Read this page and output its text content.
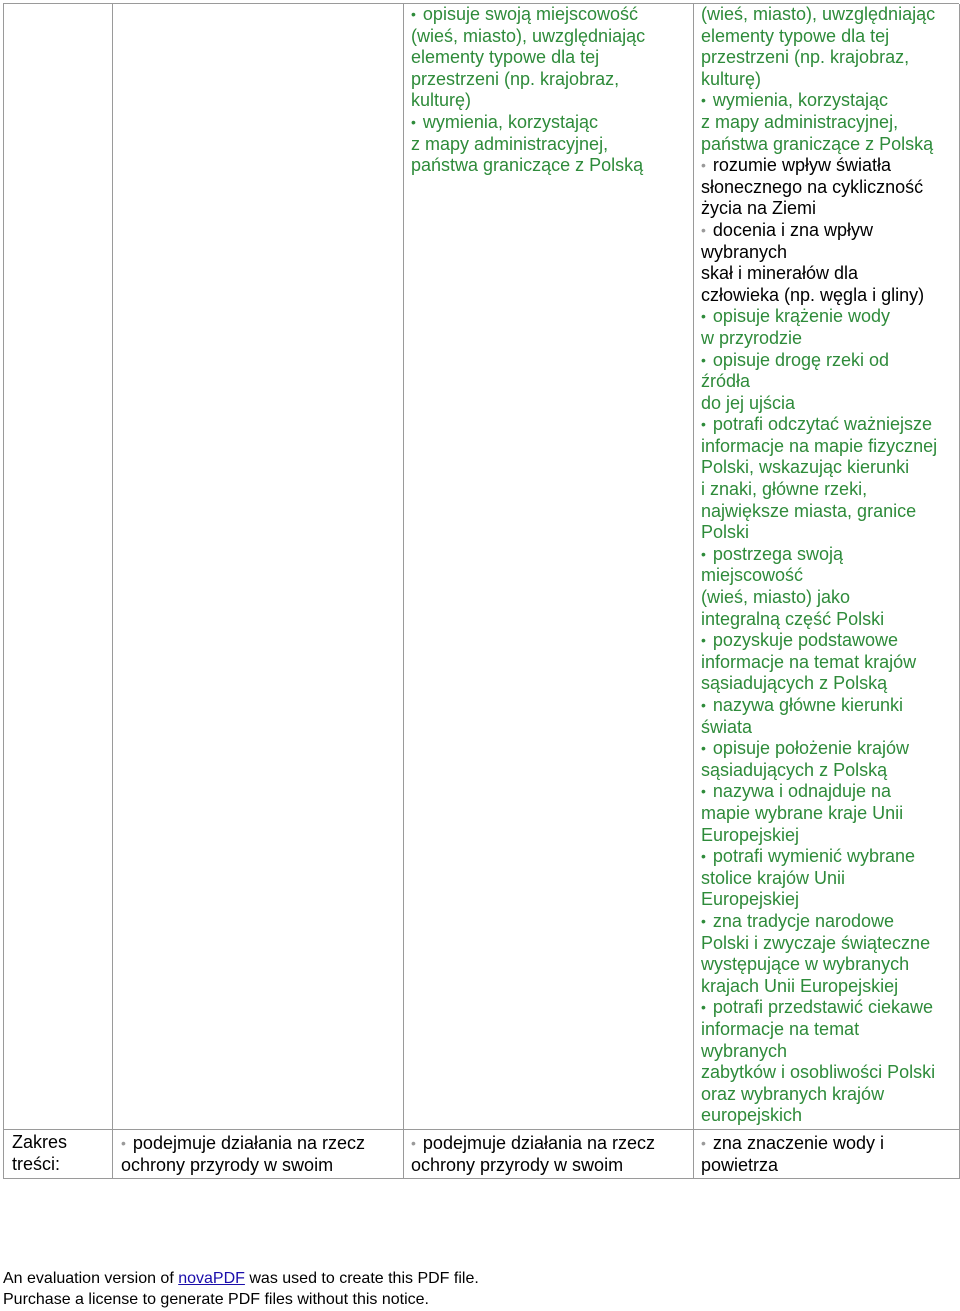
Zakres

treści:

• podejmuje działania na rzecz

ochrony przyrody w swoim

• opisuje swoją miejscowość

(wieś, miasto), uwzględniając

elementy typowe dla tej

przestrzeni (np. krajobraz,

kulturę)

• wymienia, korzystając

z mapy administracyjnej,

państwa graniczące z Polską

• podejmuje działania na rzecz

ochrony przyrody w swoim

(wieś, miasto), uwzględniając

elementy typowe dla tej

przestrzeni (np. krajobraz,

kulturę)

• wymienia, korzystając

z mapy administracyjnej,

państwa graniczące z Polską

• rozumie wpływ światła

słonecznego na cykliczność

życia na Ziemi

• docenia i zna wpływ

wybranych

skał i minerałów dla

człowieka (np. węgla i gliny)

• opisuje krążenie wody

w przyrodzie

• opisuje drogę rzeki od

źródła

do jej ujścia

• potrafi odczytać ważniejsze

informacje na mapie fizycznej

Polski, wskazując kierunki

i znaki, główne rzeki,

największe miasta, granice

Polski

• postrzega swoją

miejscowość

(wieś, miasto) jako

integralną część Polski

• pozyskuje podstawowe

informacje na temat krajów

sąsiadujących z Polską

• nazywa główne kierunki

świata

• opisuje położenie krajów

sąsiadujących z Polską

• nazywa i odnajduje na

mapie wybrane kraje Unii

Europejskiej

• potrafi wymienić wybrane

stolice krajów Unii

Europejskiej

• zna tradycje narodowe

Polski i zwyczaje świąteczne

występujące w wybranych

krajach Unii Europejskiej

• potrafi przedstawić ciekawe

informacje na temat

wybranych

zabytków i osobliwości Polski

oraz wybranych krajów

europejskich

• zna znaczenie wody i

powietrza

An evaluation version of novaPDF was used to create this PDF file.

Purchase a license to generate PDF files without this notice.
